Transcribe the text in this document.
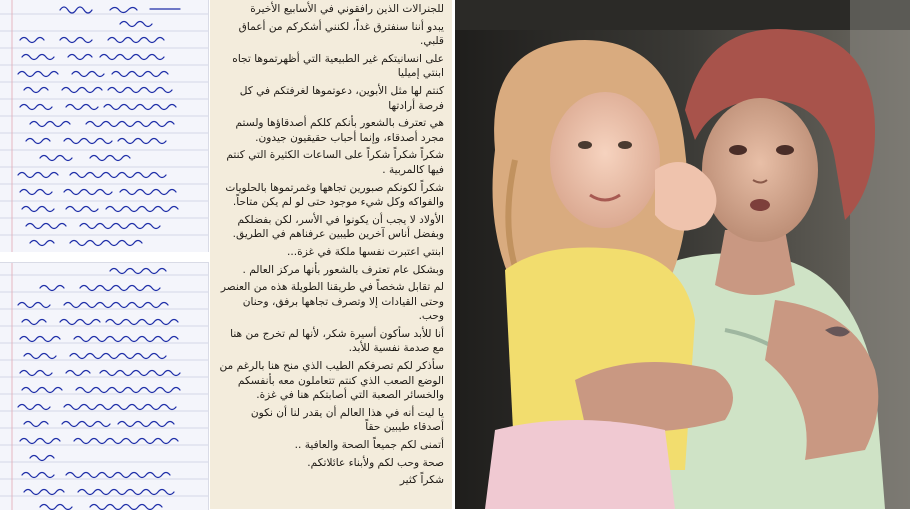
للجنرالات الذين رافقوني في الأسابيع الأخيرة

يبدو أننا سنفترق غداً، لكنني أشكركم من أعماق قلبي.

على انسانيتكم غير الطبيعية التي أظهرتموها تجاه ابنتي إميليا

كنتم لها مثل الأبوين، دعوتموها لغرفتكم في كل فرصة أرادتها

هي تعترف بالشعور بأنكم كلكم أصدقاؤها ولستم مجرد أصدقاء، وإنما أحباب حقيقيون جيدون.

شكراً شكراً شكراً على الساعات الكثيرة التي كنتم فيها كالمربية .

شكراً لكونكم صبورين تجاهها وغمرتموها بالحلويات والفواكه وكل شيء موجود حتى لو لم يكن متاحاً.

الأولاد لا يجب أن يكونوا في الأسر، لكن بفضلكم وبفضل أناس آخرين طيبين عرفناهم في الطريق.

ابنتي اعتبرت نفسها ملكة في غزة...

وبشكل عام تعترف بالشعور بأنها مركز العالم .

لم تقابل شخصاً في طريقنا الطويلة هذه من العنصر وحتى القيادات إلا وتصرف تجاهها برفق، وحنان وحب.

أنا للأبد سأكون أسيرة شكر، لأنها لم تخرج من هنا مع صدمة نفسية للأبد.

سأذكر لكم تصرفكم الطيب الذي منح هنا بالرغم من الوضع الصعب الذي كنتم تتعاملون معه بأنفسكم والخسائر الصعبة التي أصابتكم هنا في غزة.

يا ليت أنه في هذا العالم أن يقدر لنا أن نكون أصدقاء طيبين حقاً

أتمنى لكم جميعاً الصحة والعافية ..

صحة وحب لكم ولأبناء عائلاتكم.

شكراً كثير
